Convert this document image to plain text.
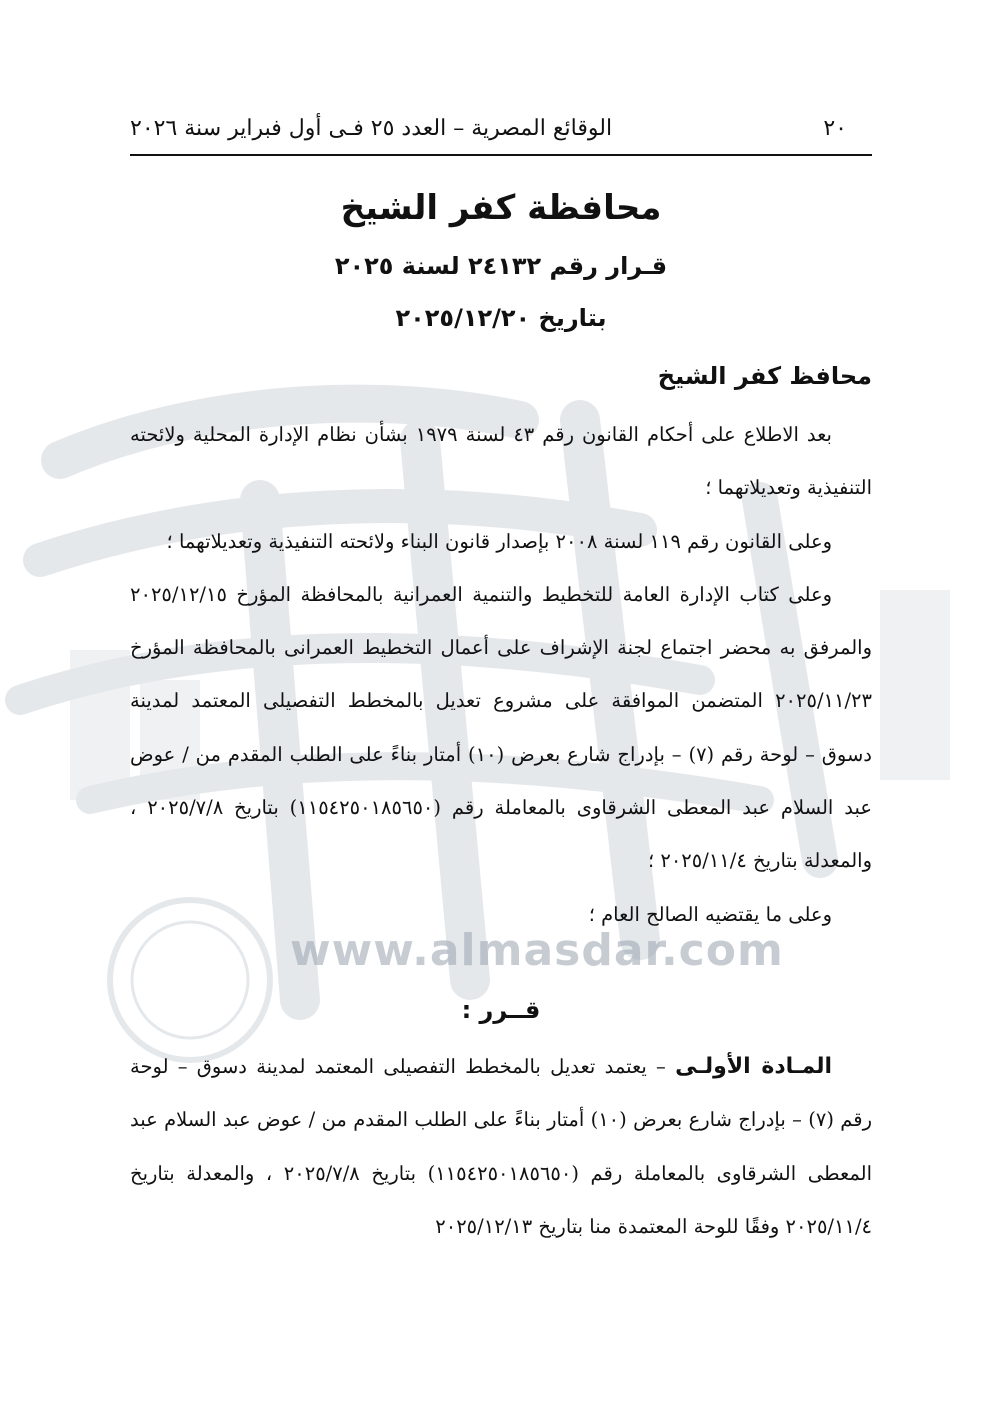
www.almasdar.com
٢٠
الوقائع المصرية – العدد ٢٥ فـى أول فبراير سنة ٢٠٢٦
محافظة كفر الشيخ
قـرار رقم ٢٤١٣٢ لسنة ٢٠٢٥
بتاريخ ٢٠٢٥/١٢/٢٠
محافظ كفر الشيخ

بعد الاطلاع على أحكام القانون رقم ٤٣ لسنة ١٩٧٩ بشأن نظام الإدارة المحلية ولائحته التنفيذية وتعديلاتهما ؛

وعلى القانون رقم ١١٩ لسنة ٢٠٠٨ بإصدار قانون البناء ولائحته التنفيذية وتعديلاتهما ؛

وعلى كتاب الإدارة العامة للتخطيط والتنمية العمرانية بالمحافظة المؤرخ ٢٠٢٥/١٢/١٥ والمرفق به محضر اجتماع لجنة الإشراف على أعمال التخطيط العمرانى بالمحافظة المؤرخ ٢٠٢٥/١١/٢٣ المتضمن الموافقة على مشروع تعديل بالمخطط التفصيلى المعتمد لمدينة دسوق – لوحة رقم (٧) – بإدراج شارع بعرض (١٠) أمتار بناءً على الطلب المقدم من / عوض عبد السلام عبد المعطى الشرقاوى بالمعاملة رقم (١١٥٤٢٥٠١٨٥٦٥٠) بتاريخ ٢٠٢٥/٧/٨ ، والمعدلة بتاريخ ٢٠٢٥/١١/٤ ؛

وعلى ما يقتضيه الصالح العام ؛

قــرر :

المـادة الأولـى – يعتمد تعديل بالمخطط التفصيلى المعتمد لمدينة دسوق – لوحة رقم (٧) – بإدراج شارع بعرض (١٠) أمتار بناءً على الطلب المقدم من / عوض عبد السلام عبد المعطى الشرقاوى بالمعاملة رقم (١١٥٤٢٥٠١٨٥٦٥٠) بتاريخ ٢٠٢٥/٧/٨ ، والمعدلة بتاريخ ٢٠٢٥/١١/٤ وفقًا للوحة المعتمدة منا بتاريخ ٢٠٢٥/١٢/١٣
